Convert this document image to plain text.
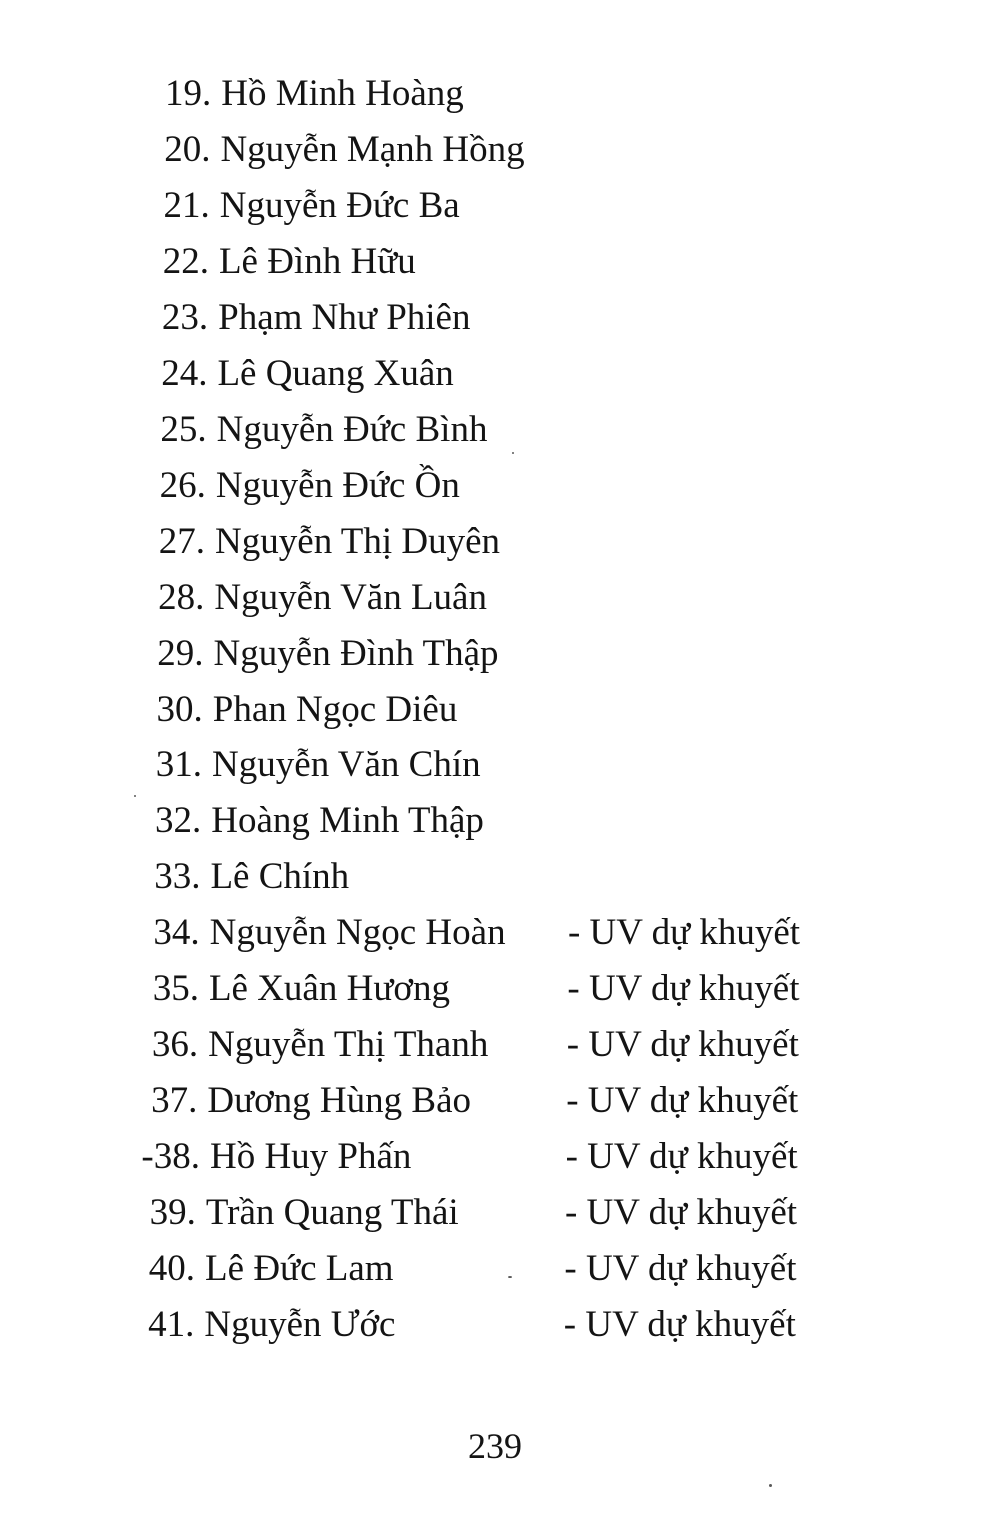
19. Hồ Minh Hoàng
20. Nguyễn Mạnh Hồng
21. Nguyễn Đức Ba
22. Lê Đình Hữu
23. Phạm Như Phiên
24. Lê Quang Xuân
25. Nguyễn Đức Bình
26. Nguyễn Đức Ồn
27. Nguyễn Thị Duyên
28. Nguyễn Văn Luân
29. Nguyễn Đình Thập
30. Phan Ngọc Diêu
31. Nguyễn Văn Chín
32. Hoàng Minh Thập
33. Lê Chính
34. Nguyễn Ngọc Hoàn - UV dự khuyết
35. Lê Xuân Hương	- UV dự khuyết
36. Nguyễn Thị Thanh - UV dự khuyết
37. Dương Hùng Bảo	- UV dự khuyết
-38. Hồ Huy Phấn	- UV dự khuyết
39. Trần Quang Thái	- UV dự khuyết
40. Lê Đức Lam	- UV dự khuyết
41. Nguyễn Ước	- UV dự khuyết
239
